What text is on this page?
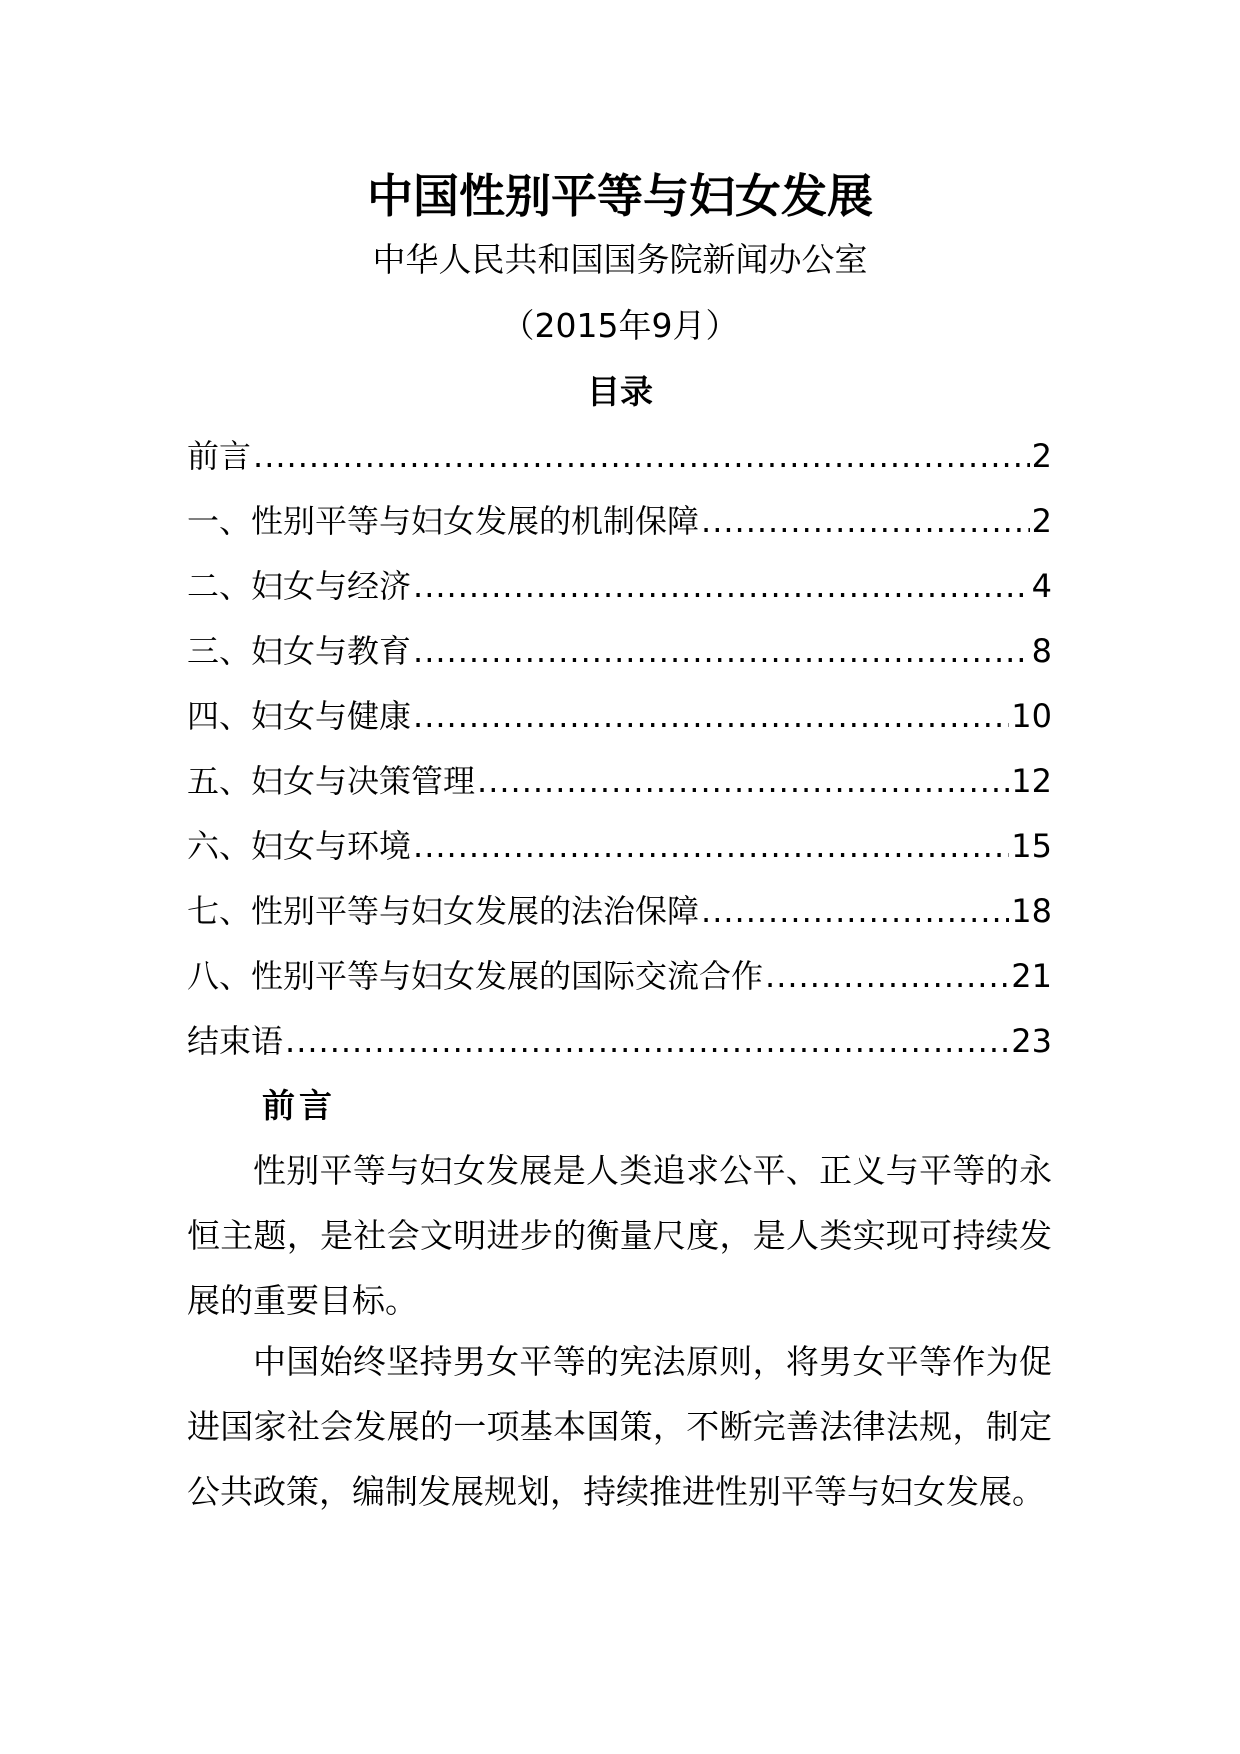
中国性别平等与妇女发展
中华人民共和国国务院新闻办公室
（2015年9月）
目录
前言 .....	2
一、性别平等与妇女发展的机制保障 .....	2
二、妇女与经济 .....	4
三、妇女与教育 .....	8
四、妇女与健康 .....	10
五、妇女与决策管理 .....	12
六、妇女与环境 .....	15
七、性别平等与妇女发展的法治保障 .....	18
八、性别平等与妇女发展的国际交流合作 .....	21
结束语 .....	23
前言

性别平等与妇女发展是人类追求公平、正义与平等的永恒主题，是社会文明进步的衡量尺度，是人类实现可持续发展的重要目标。

中国始终坚持男女平等的宪法原则，将男女平等作为促进国家社会发展的一项基本国策，不断完善法律法规，制定公共政策，编制发展规划，持续推进性别平等与妇女发展。
